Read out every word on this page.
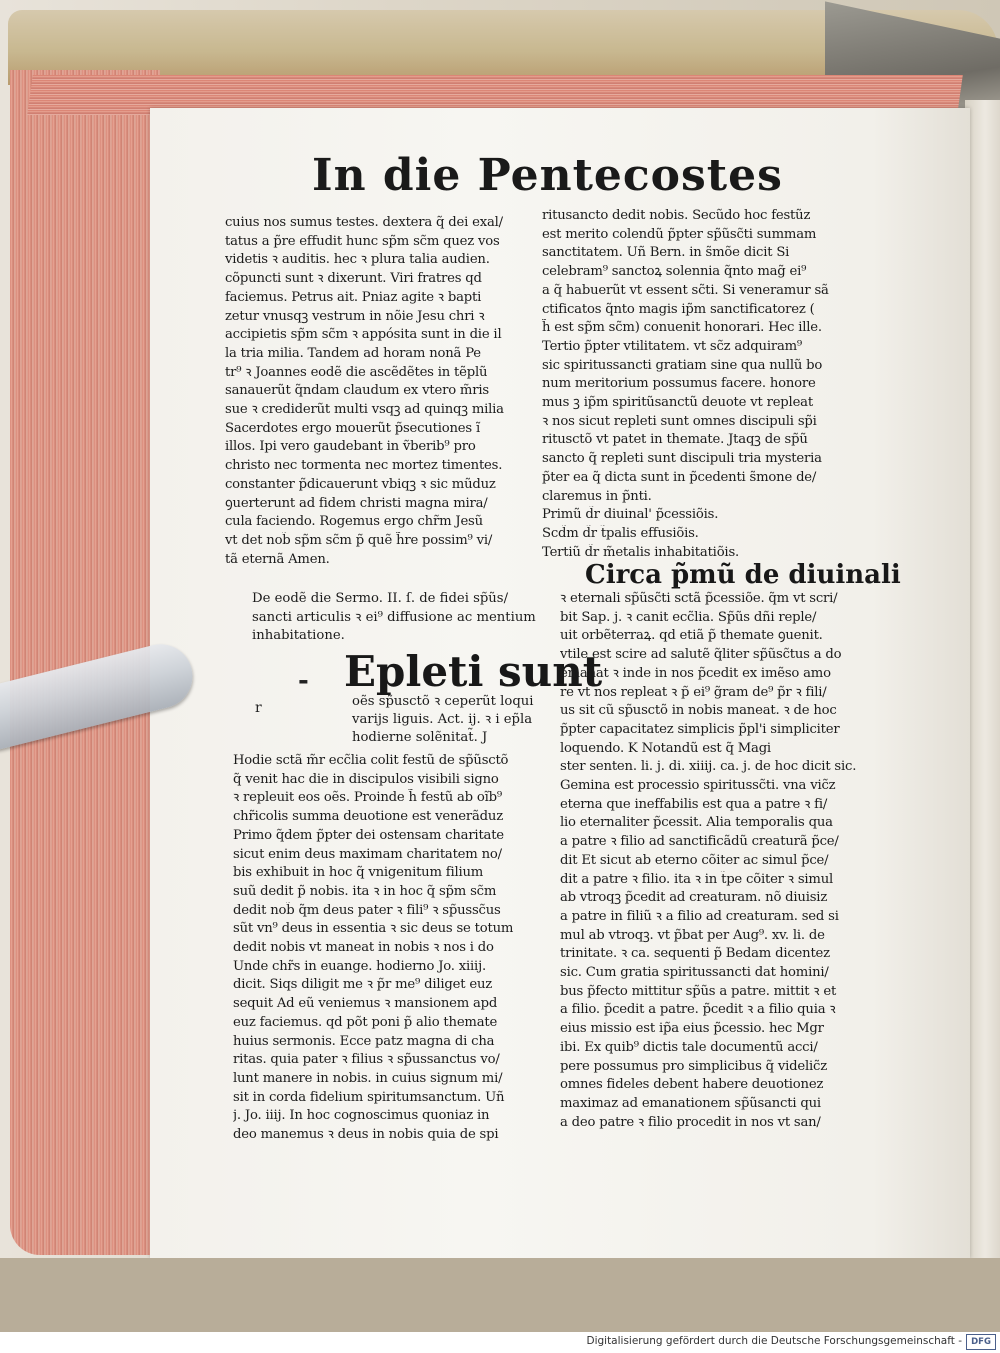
In die Pentecostes
cuius nos sumus testes. dextera q̃ dei exal/
tatus a p̃re effudit hunc sp̃m sc̃m quez vos
videtis ꝛ auditis. hec ꝛ plura talia audien.
cõpuncti sunt ꝛ dixerunt. Viri fratres qd
faciemus. Petrus ait. Pniaz agite ꝛ bapti
zetur vnusqꝫ vestrum in nõie Jesu chri ꝛ
accipietis sp̃m sc̃m ꝛ appósita sunt in die il
la tria milia. Tandem ad horam nonã Pe
tr⁹ ꝛ Joannes eodẽ die ascẽdẽtes in tẽplũ
sanauerũt q̃ndam claudum ex vtero m̃ris
sue ꝛ crediderũt multi vsqꝫ ad quinqꝫ milia
Sacerdotes ergo mouerũt p̃secutiones ĩ
illos. Ipi vero gaudebant in ṽberib⁹ pro
christo nec tormenta nec mortez timentes.
constanter p̃dicauerunt vbiqꝫ ꝛ sic mũduz
ꝯuerterunt ad fidem christi magna mira/
cula faciendo. Rogemus ergo chr̃m Jesũ
vt det nob̃ sp̃m sc̃m p̃ quẽ h̃re possim⁹ vi/
tã eternã Amen.
ritusancto dedit nobis. Secũdo hoc festũz
est merito colendũ p̃pter sp̃ũsc̃ti summam
sanctitatem. Uñ Bern. in s̃mõe dicit Si
celebram⁹ sanctoꝝ solennia q̃nto mag̃ ei⁹
a q̃ habuerũt vt essent sc̃ti. Si veneramur sã
ctificatos q̃nto magis ip̃m sanctificatorez (
h̃ est sp̃m sc̃m) conuenit honorari. Hec ille.
Tertio p̃pter vtilitatem. vt sc̃z adquiram⁹
sic spiritussancti gratiam sine qua nullũ bo
num meritorium possumus facere. honore
mus ꝫ ip̃m spiritũsanctũ deuote vt repleat
ꝛ nos sicut repleti sunt omnes discipuli sp̃i
ritusctõ vt patet in themate. Jtaqꝫ de sp̃ũ
sancto q̃ repleti sunt discipuli tria mysteria
p̃ter ea q̃ dicta sunt in p̃cedenti s̃mone de/
claremus in p̃nti.
Primũ d̃r diuinal' p̃cessiõis.
Scd̃m d̃r t̃palis effusiõis.
Tertiũ d̃r m̃etalis inhabitatiõis.
De eodẽ die Sermo. II. ſ. de fidei sp̃ũs/
sancti articulis ꝛ ei⁹ diffusione ac mentium
inhabitatione.
- Epleti sunt
r	oẽs sp̃usctõ ꝛ ceperũt loqui
varijs liguis. Act. ij. ꝛ i ep̃la
hodierne solẽnitat̃. J
Hodie sctã m̃r ecc̃lia colit festũ de sp̃ũsctõ
q̃ venit hac die in discipulos visibili signo
ꝛ repleuit eos oẽs. Proinde h̃ festũ ab oĩb⁹
chr̃icolis summa deuotione est venerãduz
Primo q̃dem p̃pter dei ostensam charitate
sicut enim deus maximam charitatem no/
bis exhibuit in hoc q̃ vnigenitum filium
suũ dedit p̃ nobis. ita ꝛ in hoc q̃ sp̃m sc̃m
dedit nob̃ q̃m deus pater ꝛ fili⁹ ꝛ sp̃ussc̃us
sũt vn⁹ deus in essentia ꝛ sic deus se totum
dedit nobis vt maneat in nobis ꝛ nos i do
Unde chr̃s in euange. hodierno Jo. xiiij.
dicit. Siqs diligit me ꝛ p̃r me⁹ diliget euz
sequit Ad eũ veniemus ꝛ mansionem apd
euz faciemus. qd põt poni p̃ alio themate
huius sermonis. Ecce patz magna di cha
ritas. quia pater ꝛ filius ꝛ sp̃ussanctus vo/
lunt manere in nobis. in cuius signum mi/
sit in corda fidelium spiritumsanctum. Uñ
j. Jo. iiij. In hoc cognoscimus quoniaz in
deo manemus ꝛ deus in nobis quia de spi
Circa p̃mũ de diuinali
ꝛ eternali sp̃ũsc̃ti sctã p̃cessiõe. q̃m vt scri/
bit Sap. j. ꝛ canit ecc̃lia. Sp̃ũs dñi reple/
uit orbẽterraꝝ. qd etiã p̃ themate ꝯuenit.
vtile est scire ad salutẽ q̃liter sp̃ũsc̃tus a do
emanat ꝛ inde in nos p̃cedit ex imẽso amo
re vt nos repleat ꝛ p̃ ei⁹ g̃ram de⁹ p̃r ꝛ fili/
us sit cũ sp̃usctõ in nobis maneat. ꝛ de hoc
p̃pter capacitatez simplicis p̃pl'i simpliciter
loquendo. K Notandũ est q̃ Magi
ster senten. li. j. di. xiiij. ca. j. de hoc dicit sic.
Gemina est processio spiritussc̃ti. vna vic̃z
eterna que ineffabilis est qua a patre ꝛ fi/
lio eternaliter p̃cessit. Alia temporalis qua
a patre ꝛ filio ad sanctificãdũ creaturã p̃ce/
dit Et sicut ab eterno cõiter ac simul p̃ce/
dit a patre ꝛ filio. ita ꝛ in t̃pe cõiter ꝛ simul
ab vtroqꝫ p̃cedit ad creaturam. nõ diuisiz
a patre in filiũ ꝛ a filio ad creaturam. sed si
mul ab vtroqꝫ. vt p̃bat per Aug⁹. xv. li. de
trinitate. ꝛ ca. sequenti p̃ Bedam dicentez
sic. Cum gratia spiritussancti dat homini/
bus p̃fecto mittitur sp̃ũs a patre. mittit ꝛ et
a filio. p̃cedit a patre. p̃cedit ꝛ a filio quia ꝛ
eius missio est ip̃a eius p̃cessio. hec Mgr
ibi. Ex quib⁹ dictis tale documentũ acci/
pere possumus pro simplicibus q̃ videlic̃z
omnes fideles debent habere deuotionez
maximaz ad emanationem sp̃ũsancti qui
a deo patre ꝛ filio procedit in nos vt san/
Digitalisierung gefördert durch die Deutsche Forschungsgemeinschaft -	DFG
